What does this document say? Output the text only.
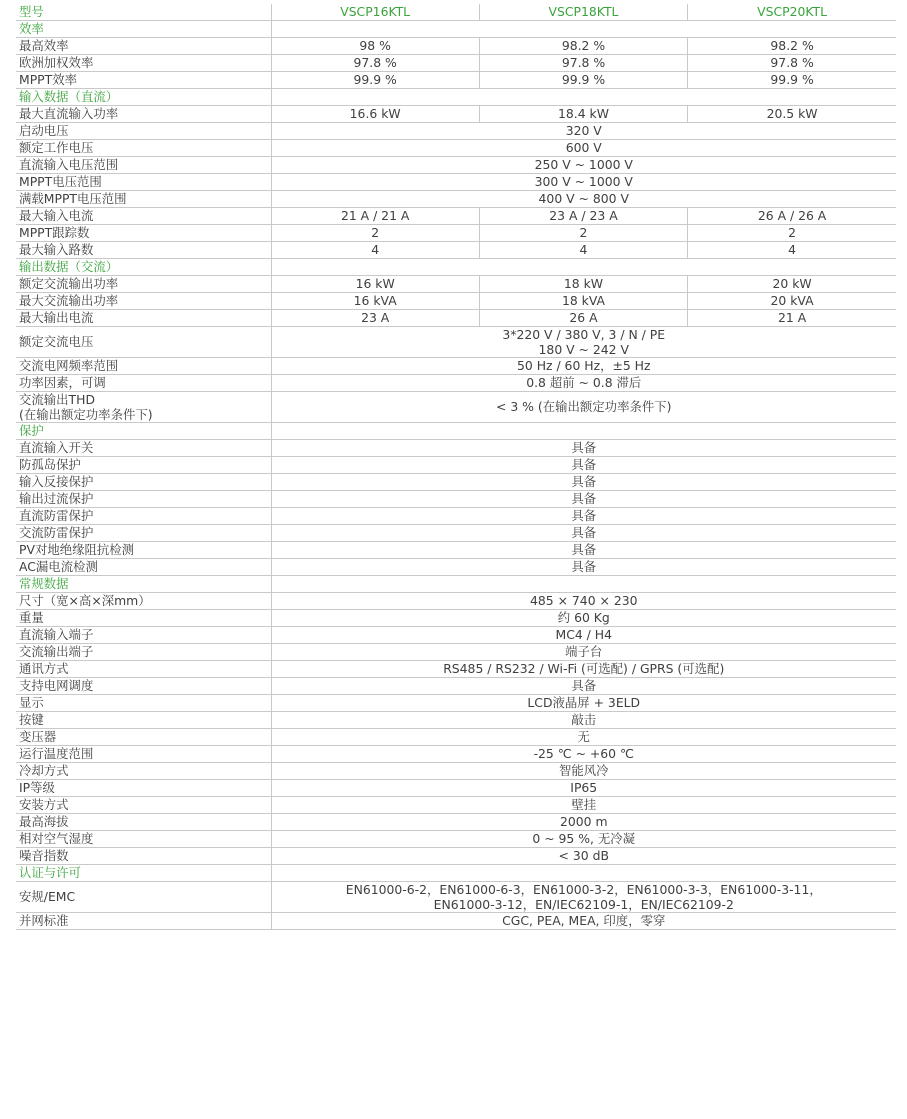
型号	VSCP16KTL	VSCP18KTL	VSCP20KTL
效率			
最高效率	98 %	98.2 %	98.2 %
欧洲加权效率	97.8 %	97.8 %	97.8 %
MPPT效率	99.9 %	99.9 %	99.9 %
输入数据（直流）			
最大直流输入功率	16.6 kW	18.4 kW	20.5 kW
启动电压	320 V		
额定工作电压	600 V		
直流输入电压范围	250 V ~ 1000 V		
MPPT电压范围	300 V ~ 1000 V		
满载MPPT电压范围	400 V ~ 800 V		
最大输入电流	21 A / 21 A	23 A / 23 A	26 A / 26 A
MPPT跟踪数	2	2	2
最大输入路数	4	4	4
输出数据（交流）			
额定交流输出功率	16 kW	18 kW	20 kW
最大交流输出功率	16 kVA	18 kVA	20 kVA
最大输出电流	23 A	26 A	21 A
额定交流电压	3*220 V / 380 V, 3 / N / PE
180 V ~ 242 V		

交流电网频率范围	50 Hz / 60 Hz，±5 Hz		
功率因素，可调	0.8 超前 ~ 0.8 滞后		

交流输出THD
(在输出额定功率条件下)	< 3 % (在输出额定功率条件下)		
保护			
直流输入开关	具备		
防孤岛保护	具备		
输入反接保护	具备		
输出过流保护	具备		
直流防雷保护	具备		
交流防雷保护	具备		
PV对地绝缘阻抗检测	具备		
AC漏电流检测	具备		
常规数据			
尺寸（宽×高×深mm）	485 × 740 × 230		
重量	约 60 Kg		
直流输入端子	MC4 / H4		
交流输出端子	端子台		
通讯方式	RS485 / RS232 / Wi-Fi (可选配) / GPRS (可选配)		
支持电网调度	具备		
显示	LCD液晶屏 + 3ELD		
按键	敲击		
变压器	无		
运行温度范围	-25 ℃ ~ +60 ℃		
冷却方式	智能风冷		
IP等级	IP65		
安装方式	壁挂		
最高海拔	2000 m		
相对空气湿度	0 ~ 95 %, 无冷凝		
噪音指数	< 30 dB		
认证与许可			
安规/EMC	EN61000-6-2，EN61000-6-3，EN61000-3-2，EN61000-3-3，EN61000-3-11，
EN61000-3-12，EN/IEC62109-1，EN/IEC62109-2		

并网标准	CGC, PEA, MEA, 印度，零穿		
